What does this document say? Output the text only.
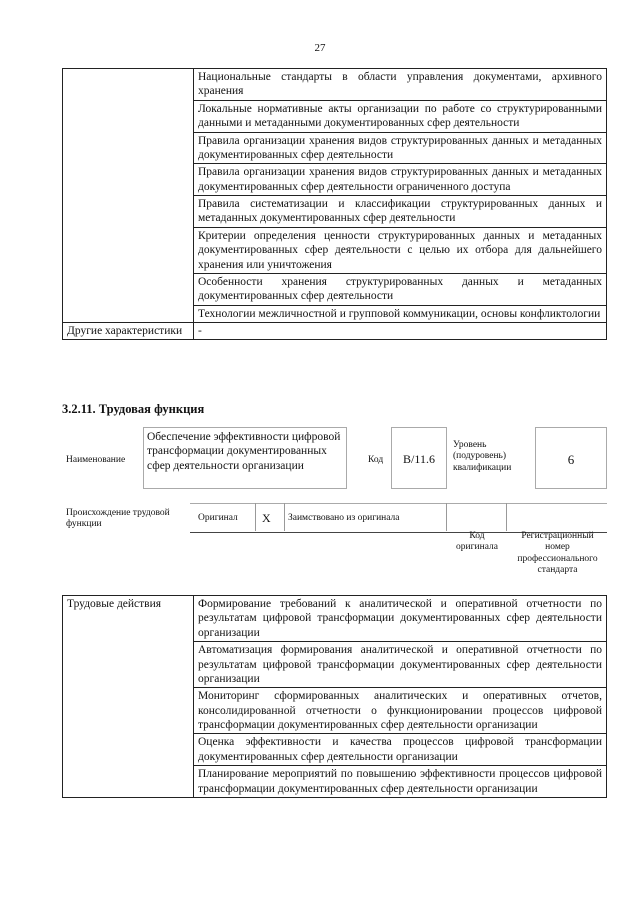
27
	Национальные стандарты в области управления документами, архивного хранения
	Локальные нормативные акты организации по работе со структурированными данными и метаданными документированных сфер деятельности
	Правила организации хранения видов структурированных данных и метаданных документированных сфер деятельности
	Правила организации хранения видов структурированных данных и метаданных документированных сфер деятельности ограниченного доступа
	Правила систематизации и классификации структурированных данных и метаданных документированных сфер деятельности
	Критерии определения ценности структурированных данных и метаданных документированных сфер деятельности с целью их отбора для дальнейшего хранения или уничтожения
	Особенности хранения структурированных данных и метаданных документированных сфер деятельности
	Технологии межличностной и групповой коммуникации, основы конфликтологии
Другие характеристики	-
3.2.11. Трудовая функция
Наименование
Обеспечение эффективности цифровой трансформации документированных сфер деятельности организации	Код	B/11.6
Уровень (подуровень) квалификации
6
Происхождение трудовой функции
Оригинал X Заимствовано из оригинала
Код оригинала
Регистрационный номер профессионального стандарта
Трудовые действия	Формирование требований к аналитической и оперативной отчетности по результатам цифровой трансформации документированных сфер деятельности организации
Автоматизация формирования аналитической и оперативной отчетности по результатам цифровой трансформации документированных сфер деятельности организации
Мониторинг сформированных аналитических и оперативных отчетов, консолидированной отчетности о функционировании процессов цифровой трансформации документированных сфер деятельности организации
Оценка эффективности и качества процессов цифровой трансформации документированных сфер деятельности организации
Планирование мероприятий по повышению эффективности процессов цифровой трансформации документированных сфер деятельности организации
